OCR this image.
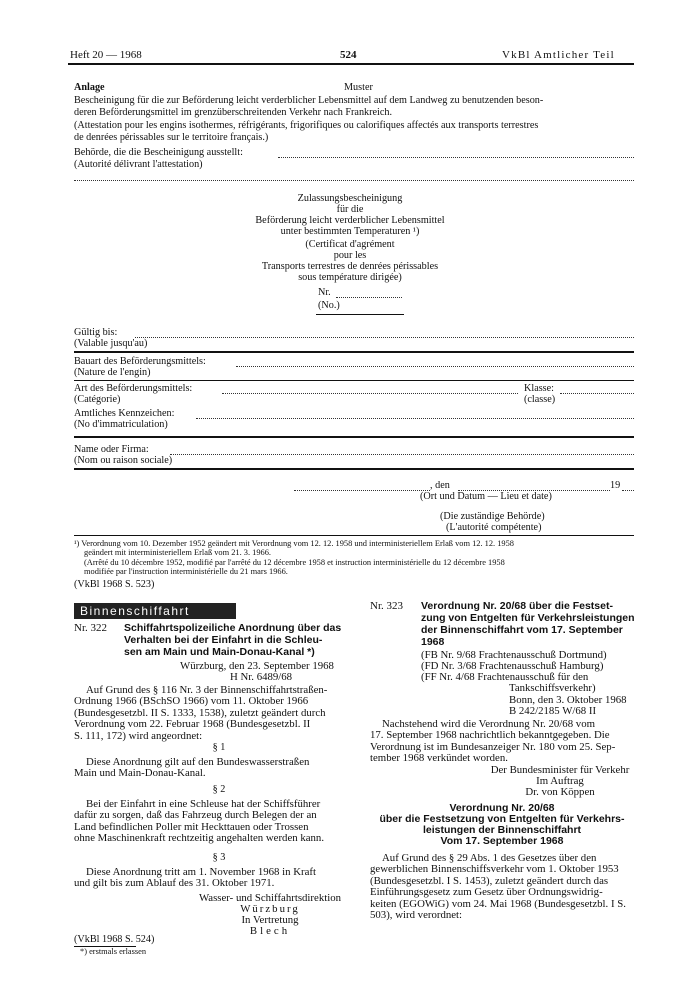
Heft 20 — 1968	524	VkBl Amtlicher Teil
Anlage	Muster
Bescheinigung für die zur Beförderung leicht verderblicher Lebensmittel auf dem Landweg zu benutzenden beson-
deren Beförderungsmittel im grenzüberschreitenden Verkehr nach Frankreich.
(Attestation pour les engins isothermes, réfrigérants, frigorifiques ou calorifiques affectés aux transports terrestres
de denrées périssables sur le territoire français.)
Behörde, die die Bescheinigung ausstellt:
(Autorité délivrant l'attestation)
Zulassungsbescheinigung
für die
Beförderung leicht verderblicher Lebensmittel
unter bestimmten Temperaturen ¹)
(Certificat d'agrément
pour les
Transports terrestres de denrées périssables
sous température dirigée)
Nr.
(No.)
Gültig bis:
(Valable jusqu'au)
Bauart des Beförderungsmittels:
(Nature de l'engin)
Art des Beförderungsmittels:	Klasse:
(Catégorie)	(classe)
Amtliches Kennzeichen:
(No d'immatriculation)
Name oder Firma:
(Nom ou raison sociale)
, den	19
(Ort und Datum — Lieu et date)
(Die zuständige Behörde)
(L'autorité compétente)
¹) Verordnung vom 10. Dezember 1952 geändert mit Verordnung vom 12. 12. 1958 und interministeriellem Erlaß vom 12. 12. 1958
geändert mit interministeriellem Erlaß vom 21. 3. 1966.
(Arrêté du 10 décembre 1952, modifié par l'arrêté du 12 décembre 1958 et instruction interministérielle du 12 décembre 1958
modifiée par l'instruction interministérielle du 21 mars 1966.
(VkBl 1968 S. 523)
Binnenschiffahrt
Nr. 322 Schiffahrtspolizeiliche Anordnung über das
Verhalten bei der Einfahrt in die Schleu-
sen am Main und Main-Donau-Kanal *)
Würzburg, den 23. September 1968
H Nr. 6489/68
Auf Grund des § 116 Nr. 3 der Binnenschiffahrtstraßen-
Ordnung 1966 (BSchSO 1966) vom 11. Oktober 1966
(Bundesgesetzbl. II S. 1333, 1538), zuletzt geändert durch
Verordnung vom 22. Februar 1968 (Bundesgesetzbl. II
S. 111, 172) wird angeordnet:
§ 1
Diese Anordnung gilt auf den Bundeswasserstraßen
Main und Main-Donau-Kanal.
§ 2
Bei der Einfahrt in eine Schleuse hat der Schiffsführer
dafür zu sorgen, daß das Fahrzeug durch Belegen der an
Land befindlichen Poller mit Heckttauen oder Trossen
ohne Maschinenkraft rechtzeitig angehalten werden kann.
§ 3
Diese Anordnung tritt am 1. November 1968 in Kraft
und gilt bis zum Ablauf des 31. Oktober 1971.
Wasser- und Schiffahrtsdirektion
Würzburg
In Vertretung
Blech
(VkBl 1968 S. 524)
*) erstmals erlassen
Nr. 323 Verordnung Nr. 20/68 über die Festset-
zung von Entgelten für Verkehrsleistungen
der Binnenschiffahrt vom 17. September
1968
(FB Nr. 9/68 Frachtenausschuß Dortmund)
(FD Nr. 3/68 Frachtenausschuß Hamburg)
(FF Nr. 4/68 Frachtenausschuß für den
Tankschiffsverkehr)
Bonn, den 3. Oktober 1968
B 242/2185 W/68 II
Nachstehend wird die Verordnung Nr. 20/68 vom
17. September 1968 nachrichtlich bekanntgegeben. Die
Verordnung ist im Bundesanzeiger Nr. 180 vom 25. Sep-
tember 1968 verkündet worden.
Der Bundesminister für Verkehr
Im Auftrag
Dr. von Köppen
Verordnung Nr. 20/68
über die Festsetzung von Entgelten für Verkehrs-
leistungen der Binnenschiffahrt
Vom 17. September 1968
Auf Grund des § 29 Abs. 1 des Gesetzes über den
gewerblichen Binnenschiffsverkehr vom 1. Oktober 1953
(Bundesgesetzbl. I S. 1453), zuletzt geändert durch das
Einführungsgesetz zum Gesetz über Ordnungswidrig-
keiten (EGOWiG) vom 24. Mai 1968 (Bundesgesetzbl. I S.
503), wird verordnet:
